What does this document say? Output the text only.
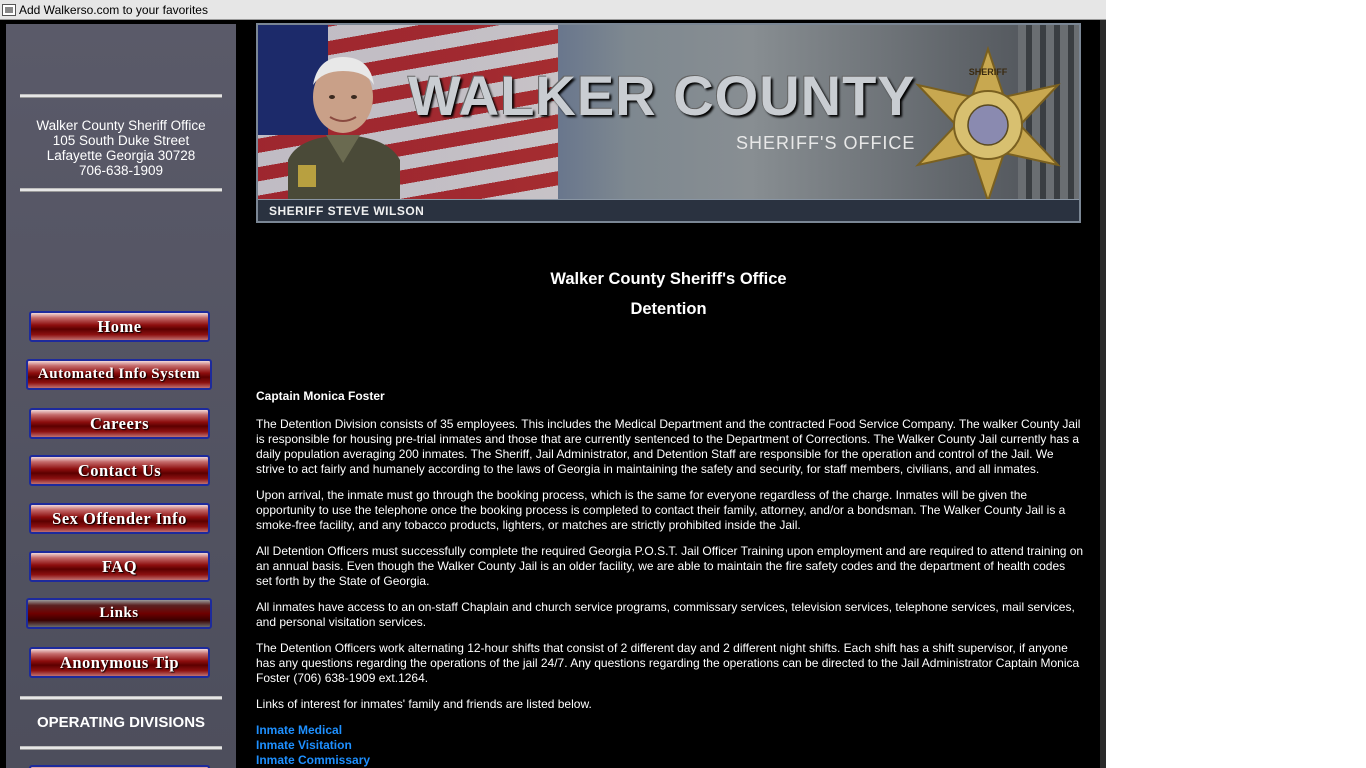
Add Walkerso.com to your favorites
Walker County Sheriff Office
105 South Duke Street
Lafayette Georgia 30728
706-638-1909
Home
Automated Info System
Careers
Contact Us
Sex Offender Info
FAQ
Links
Anonymous Tip
OPERATING DIVISIONS
WALKER COUNTY
SHERIFF'S OFFICE
SHERIFF
SHERIFF STEVE WILSON
Walker County Sheriff's Office
Detention

Captain Monica Foster

The Detention Division consists of 35 employees. This includes the Medical Department and the contracted Food Service Company. The walker County Jail is responsible for housing pre-trial inmates and those that are currently sentenced to the Department of Corrections. The Walker County Jail currently has a daily population averaging 200 inmates. The Sheriff, Jail Administrator, and Detention Staff are responsible for the operation and control of the Jail. We strive to act fairly and humanely according to the laws of Georgia in maintaining the safety and security, for staff members, civilians, and all inmates.

Upon arrival, the inmate must go through the booking process, which is the same for everyone regardless of the charge. Inmates will be given the opportunity to use the telephone once the booking process is completed to contact their family, attorney, and/or a bondsman. The Walker County Jail is a smoke-free facility, and any tobacco products, lighters, or matches are strictly prohibited inside the Jail.

All Detention Officers must successfully complete the required Georgia P.O.S.T. Jail Officer Training upon employment and are required to attend training on an annual basis. Even though the Walker County Jail is an older facility, we are able to maintain the fire safety codes and the department of health codes set forth by the State of Georgia.

All inmates have access to an on-staff Chaplain and church service programs, commissary services, television services, telephone services, mail services, and personal visitation services.

The Detention Officers work alternating 12-hour shifts that consist of 2 different day and 2 different night shifts. Each shift has a shift supervisor, if anyone has any questions regarding the operations of the jail 24/7. Any questions regarding the operations can be directed to the Jail Administrator Captain Monica Foster (706) 638-1909 ext.1264.

Links of interest for inmates' family and friends are listed below.

Inmate Medical
Inmate Visitation
Inmate Commissary
